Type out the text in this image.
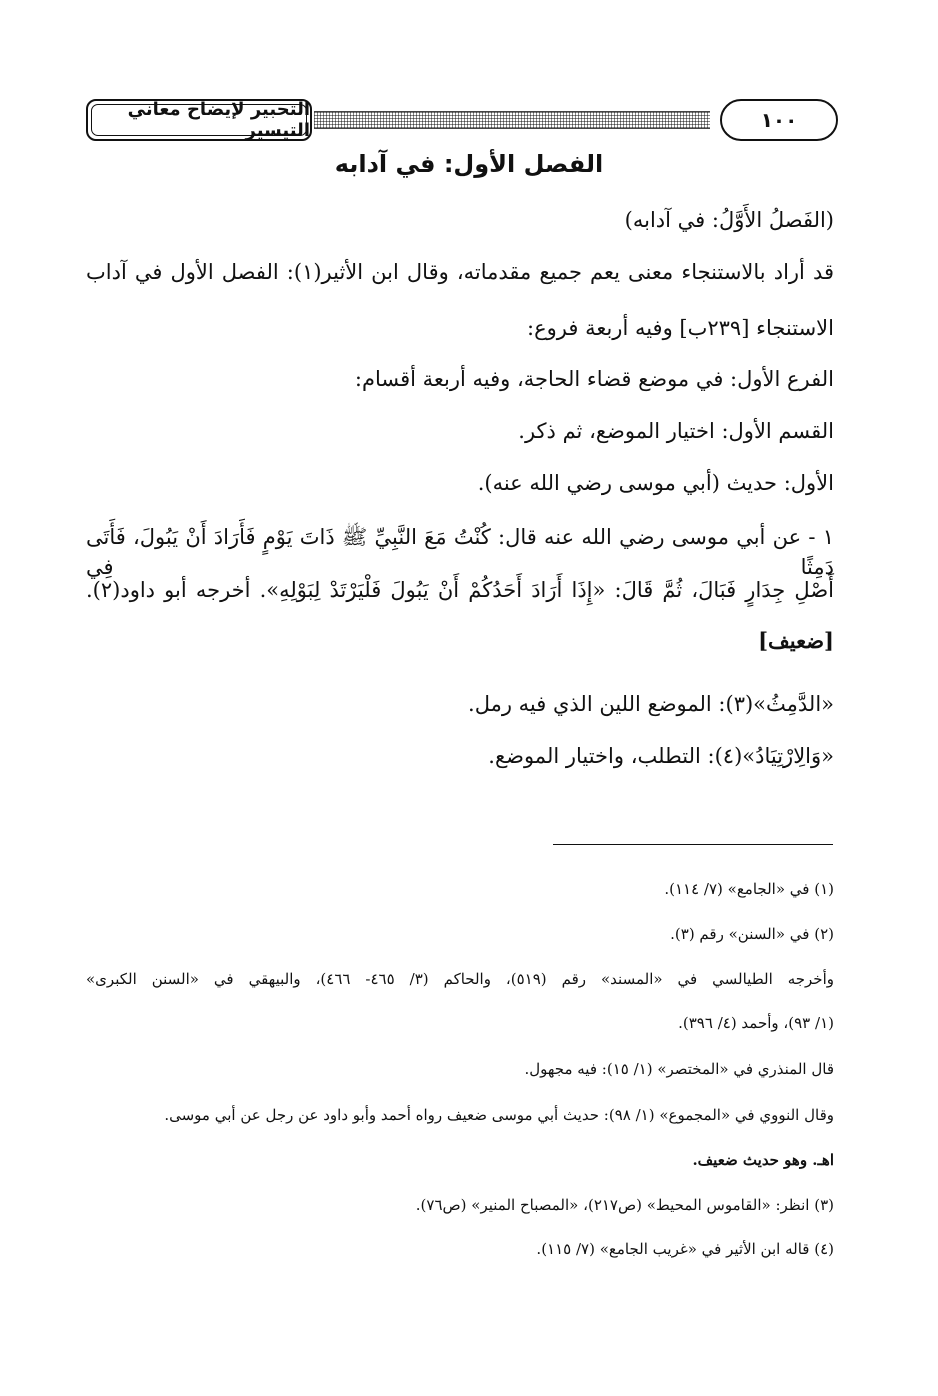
التحبير لإيضاح معاني التيسير	١٠٠
الفصل الأول: في آدابه
(الفَصلُ الأَوَّلُ: في آدابه)
قد أراد بالاستنجاء معنى يعم جميع مقدماته، وقال ابن الأثير(١): الفصل الأول في آداب
الاستنجاء [٢٣٩ب] وفيه أربعة فروع:
الفرع الأول: في موضع قضاء الحاجة، وفيه أربعة أقسام:
القسم الأول: اختيار الموضع، ثم ذكر.
الأول: حديث (أبي موسى رضي الله عنه).
١ - عن أبي موسى رضي الله عنه قال: كُنْتُ مَعَ النَّبِيِّ ﷺ ذَاتَ يَوْمٍ فَأَرَادَ أَنْ يَبُولَ، فَأَتَى دَمِثًا فِي
أَصْلِ جِدَارٍ فَبَالَ، ثُمَّ قَالَ: «إِذَا أَرَادَ أَحَدُكُمْ أَنْ يَبُولَ فَلْيَرْتَدْ لِبَوْلِهِ». أخرجه أبو داود(٢).
[ضعيف]
«الدَّمِثُ»(٣): الموضع اللين الذي فيه رمل.
«وَالِارْتِيَادُ»(٤): التطلب، واختيار الموضع.
(١) في «الجامع» (٧/ ١١٤).
(٢) في «السنن» رقم (٣).
وأخرجه الطيالسي في «المسند» رقم (٥١٩)، والحاكم (٣/ ٤٦٥- ٤٦٦)، والبيهقي في «السنن الكبرى»
(١/ ٩٣)، وأحمد (٤/ ٣٩٦).
قال المنذري في «المختصر» (١/ ١٥): فيه مجهول.
وقال النووي في «المجموع» (١/ ٩٨): حديث أبي موسى ضعيف رواه أحمد وأبو داود عن رجل عن أبي موسى.
اهـ. وهو حديث ضعيف.
(٣) انظر: «القاموس المحيط» (ص٢١٧)، «المصباح المنير» (ص٧٦).
(٤) قاله ابن الأثير في «غريب الجامع» (٧/ ١١٥).
